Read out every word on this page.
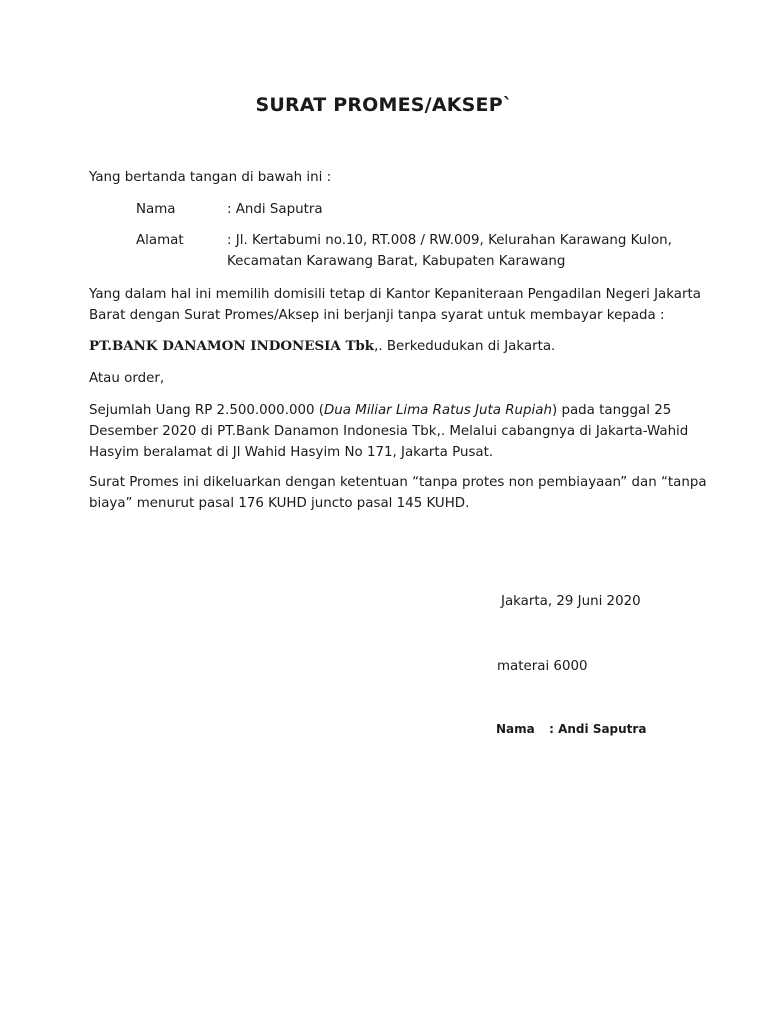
SURAT PROMES/AKSEP`
Yang bertanda tangan di bawah ini :
Nama	: Andi Saputra
Alamat	: Jl. Kertabumi no.10, RT.008 / RW.009, Kelurahan Karawang Kulon,
Kecamatan Karawang Barat, Kabupaten Karawang
Yang dalam hal ini memilih domisili tetap di Kantor Kepaniteraan Pengadilan Negeri Jakarta
Barat dengan Surat Promes/Aksep ini berjanji tanpa syarat untuk membayar kepada :
PT.BANK DANAMON INDONESIA Tbk,. Berkedudukan di Jakarta.
Atau order,
Sejumlah Uang RP 2.500.000.000 (Dua Miliar Lima Ratus Juta Rupiah) pada tanggal 25
Desember 2020 di PT.Bank Danamon Indonesia Tbk,. Melalui cabangnya di Jakarta-Wahid
Hasyim beralamat di Jl Wahid Hasyim No 171, Jakarta Pusat.
Surat Promes ini dikeluarkan dengan ketentuan “tanpa protes non pembiayaan” dan “tanpa
biaya” menurut pasal 176 KUHD juncto pasal 145 KUHD.
Jakarta, 29 Juni 2020
materai 6000
Nama : Andi Saputra
